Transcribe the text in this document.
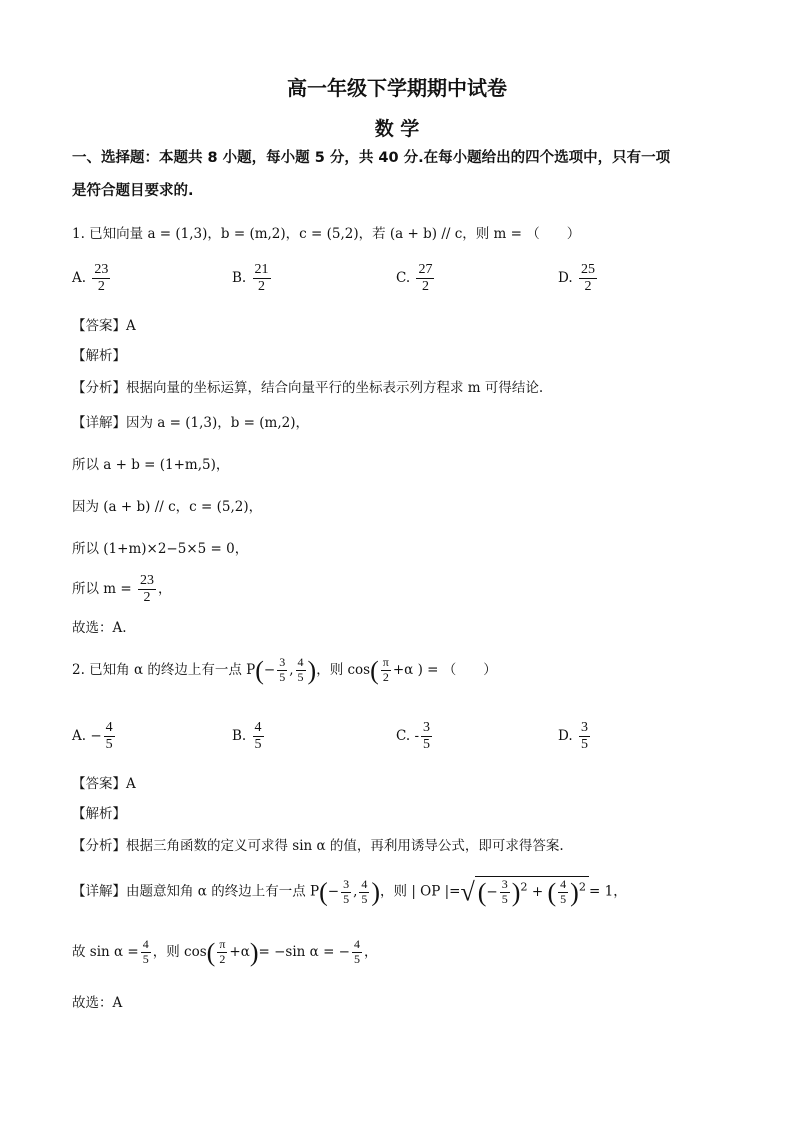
高一年级下学期期中试卷
数 学
一、选择题：本题共 8 小题，每小题 5 分，共 40 分.在每小题给出的四个选项中，只有一项
是符合题目要求的.
1. 已知向量 a = (1,3)，b = (m,2)，c = (5,2)，若 (a + b) // c，则 m = （　　）
A. $\frac{23}{2}$	B. $\frac{21}{2}$	C. $\frac{27}{2}$	D. $\frac{25}{2}$
【答案】A
【解析】
【分析】根据向量的坐标运算，结合向量平行的坐标表示列方程求 m 可得结论.
【详解】因为 a = (1,3)，b = (m,2)，
所以 a + b = (1+m,5)，
因为 (a + b) // c，c = (5,2)，
所以 (1+m)×2−5×5 = 0，
所以 $m = \frac{23}{2}$ ，
故选：A.
2. 已知角 α 的终边上有一点 $P(- \frac{3}{5}$ , $\frac{4}{5}$ )，则 $\cos( \frac{\pi}{2} +\alpha$ ) = （　　）
A. − $\frac{4}{5}$	B. $\frac{4}{5}$	C. - $\frac{3}{5}$	D. $\frac{3}{5}$
【答案】A
【解析】
【分析】根据三角函数的定义可求得 sin α 的值，再利用诱导公式，即可求得答案.
【详解】由题意知角 α 的终边上有一点 $P(- \frac{3}{5}$ , $\frac{4}{5}$ )，则 | OP |=√ (− $\frac{3}{5} )^2$ + ( $\frac{4}{5} )^2 = 1$，
故 $\sin \alpha = \frac{4}{5}$ ，则 $\cos( \frac{\pi}{2} +\alpha)= -\sin$ α = − $\frac{4}{5}$ ，
故选：A
